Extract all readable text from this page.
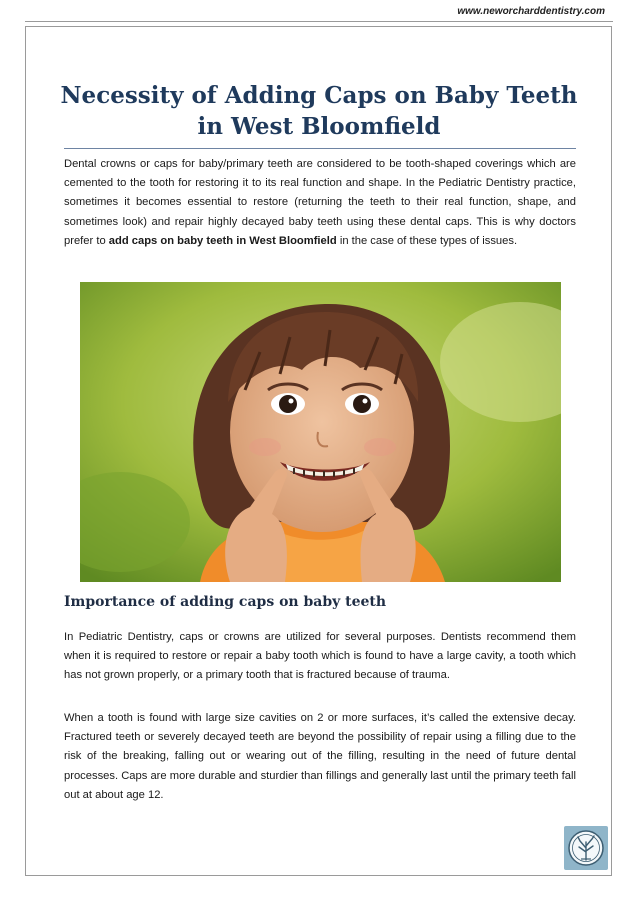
www.neworcharddentistry.com
Necessity of Adding Caps on Baby Teeth in West Bloomfield

Dental crowns or caps for baby/primary teeth are considered to be tooth-shaped coverings which are cemented to the tooth for restoring it to its real function and shape. In the Pediatric Dentistry practice, sometimes it becomes essential to restore (returning the teeth to their real function, shape, and sometimes look) and repair highly decayed baby teeth using these dental caps. This is why doctors prefer to add caps on baby teeth in West Bloomfield in the case of these types of issues.

Importance of adding caps on baby teeth

In Pediatric Dentistry, caps or crowns are utilized for several purposes. Dentists recommend them when it is required to restore or repair a baby tooth which is found to have a large cavity, a tooth which has not grown properly, or a primary tooth that is fractured because of trauma.

When a tooth is found with large size cavities on 2 or more surfaces, it’s called the extensive decay. Fractured teeth or severely decayed teeth are beyond the possibility of repair using a filling due to the risk of the breaking, falling out or wearing out of the filling, resulting in the need of future dental processes. Caps are more durable and sturdier than fillings and generally last until the primary teeth fall out at about age 12.
